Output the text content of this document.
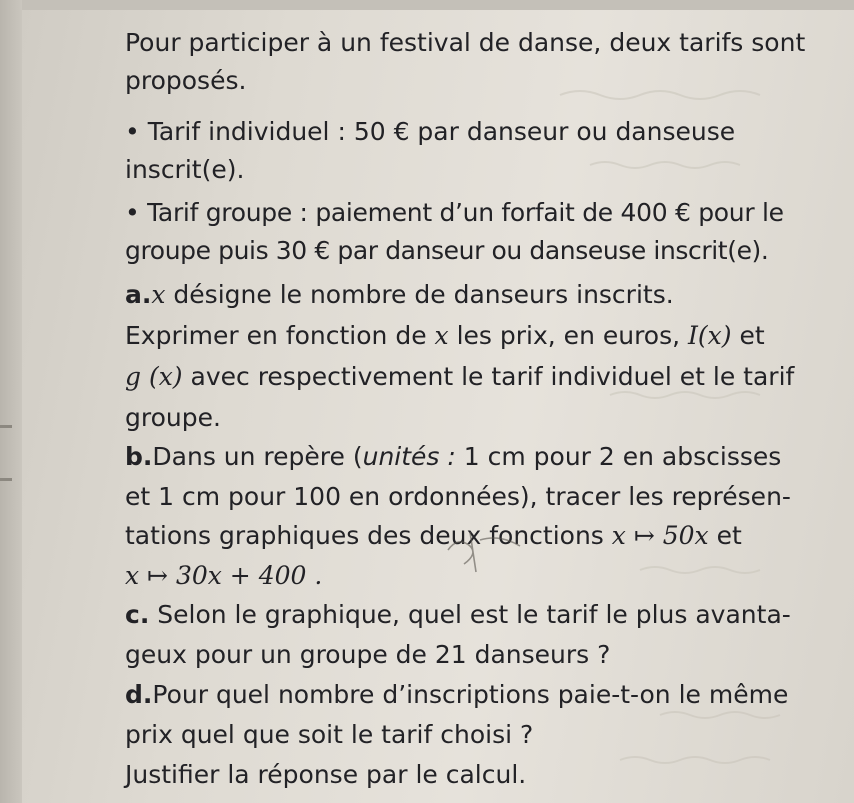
Pour participer à un festival de danse, deux tarifs sont
proposés.
• Tarif individuel : 50 € par danseur ou danseuse
inscrit(e).
• Tarif groupe : paiement d’un forfait de 400 € pour le
groupe puis 30 € par danseur ou danseuse inscrit(e).
a.x désigne le nombre de danseurs inscrits.
Exprimer en fonction de x les prix, en euros, I(x) et
g (x) avec respectivement le tarif individuel et le tarif
groupe.
b.Dans un repère (unités : 1 cm pour 2 en abscisses
et 1 cm pour 100 en ordonnées), tracer les représen-
tations graphiques des deux fonctions x ↦ 50x et
x ↦ 30x + 400 .
c. Selon le graphique, quel est le tarif le plus avanta-
geux pour un groupe de 21 danseurs ?
d.Pour quel nombre d’inscriptions paie-t-on le même
prix quel que soit le tarif choisi ?
Justifier la réponse par le calcul.
